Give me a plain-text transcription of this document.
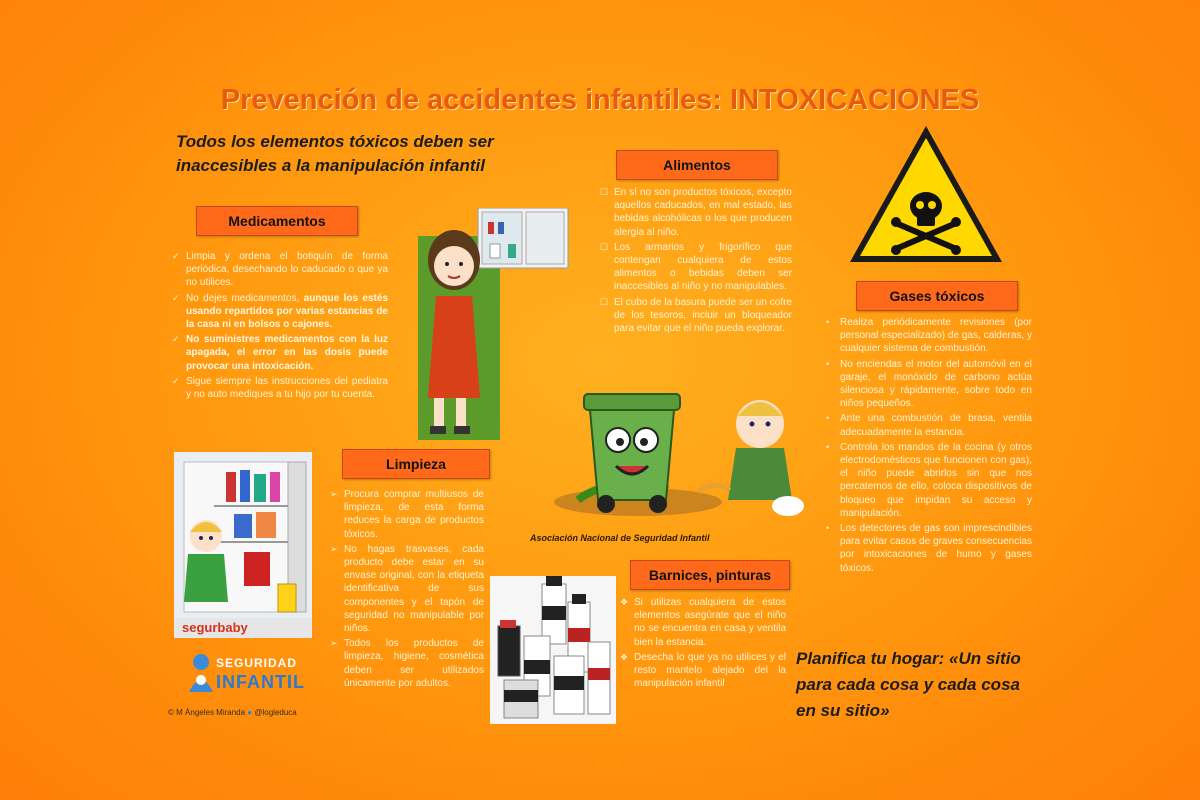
Prevención de accidentes infantiles: INTOXICACIONES
Todos los elementos tóxicos deben ser inaccesibles a la manipulación infantil
Medicamentos
✓ Limpia y ordena el botiquín de forma periódica, desechando lo caducado o que ya no utilices.
✓ No dejes medicamentos, aunque los estés usando repartidos por varias estancias de la casa ni en bolsos o cajones.
✓ No suministres medicamentos con la luz apagada, el error en las dosis puede provocar una intoxicación.
✓ Sigue siempre las instrucciones del pediatra y no auto mediques a tu hijo por tu cuenta.
Alimentos
☐ En sí no son productos tóxicos, excepto aquellos caducados, en mal estado, las bebidas alcohólicas o los que producen alergia al niño.
☐ Los armarios y frigorífico que contengan cualquiera de estos alimentos o bebidas deben ser inaccesibles al niño y no manipulables.
☐ El cubo de la basura puede ser un cofre de los tesoros, incluir un bloqueador para evitar que el niño pueda explorar.
Gases tóxicos
• Realiza periódicamente revisiones (por personal especializado) de gas, calderas, y cualquier sistema de combustión.
• No enciendas el motor del automóvil en el garaje, el monóxido de carbono actúa silenciosa y rápidamente, sobre todo en niños pequeños.
• Ante una combustión de brasa, ventila adecuadamente la estancia.
• Controla los mandos de la cocina (y otros electrodomésticos que funcionen con gas), el niño puede abrirlos sin que nos percatemos de ello, coloca dispositivos de bloqueo que impidan su acceso y manipulación.
• Los detectores de gas son imprescindibles para evitar casos de graves consecuencias por intoxicaciones de humo y gases tóxicos.
Asociación Nacional de Seguridad Infantil
segurbaby
Limpieza
➢ Procura comprar multiusos de limpieza, de esta forma reduces la carga de productos tóxicos.
➢ No hagas trasvases, cada producto debe estar en su envase original, con la etiqueta identificativa de sus componentes y el tapón de seguridad no manipulable por niños.
➢ Todos los productos de limpieza, higiene, cosmética deben ser utilizados únicamente por adultos.
SEGURIDAD
INFANTIL
© M Ángeles Miranda ● @logieduca
Barnices, pinturas
❖ Si utilizas cualquiera de estos elementos asegúrate que el niño no se encuentra en casa y ventila bien la estancia.
❖ Desecha lo que ya no utilices y el resto mantelo alejado del la manipulación infantil
Planifica tu hogar: «Un sitio para cada cosa y cada cosa en su sitio»
